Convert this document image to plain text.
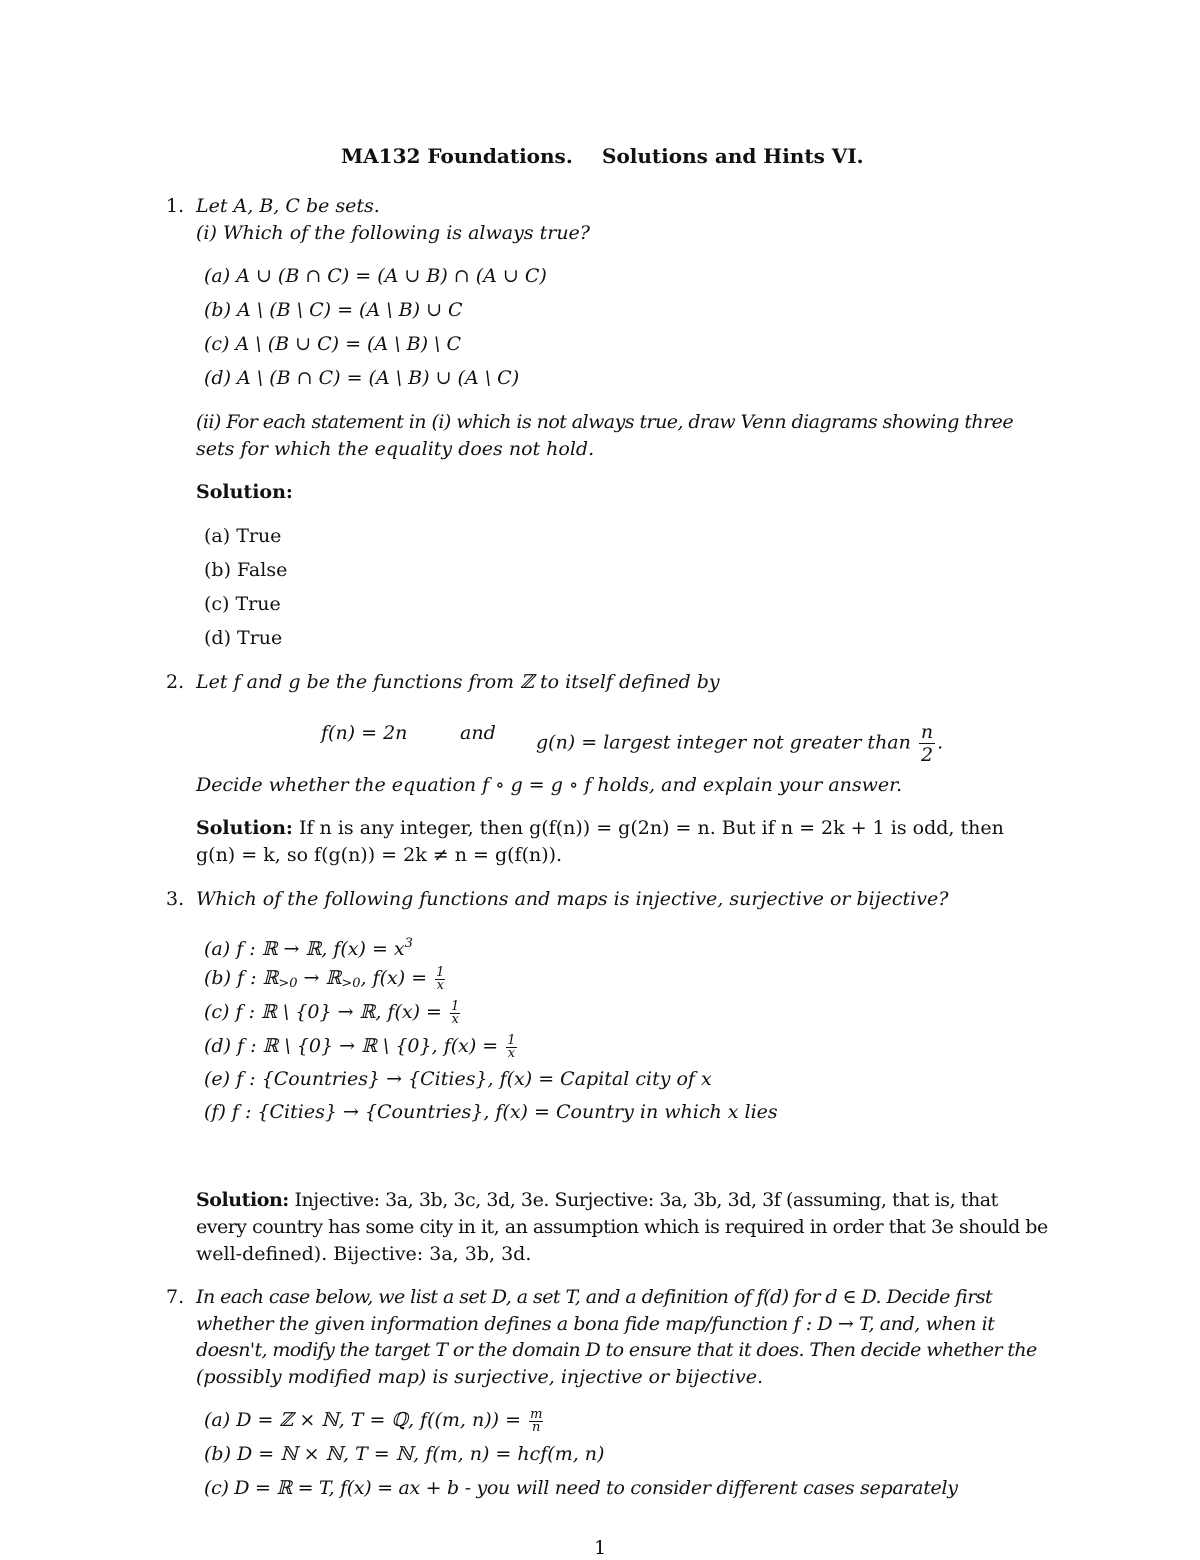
MA132 Foundations. Solutions and Hints VI.
1. Let A, B, C be sets.
(i) Which of the following is always true?
(a) A ∪ (B ∩ C) = (A ∪ B) ∩ (A ∪ C)
(b) A \ (B \ C) = (A \ B) ∪ C
(c) A \ (B ∪ C) = (A \ B) \ C
(d) A \ (B ∩ C) = (A \ B) ∪ (A \ C)
(ii) For each statement in (i) which is not always true, draw Venn diagrams showing three
sets for which the equality does not hold.
Solution:
(a) True
(b) False
(c) True
(d) True
2. Let f and g be the functions from ℤ to itself defined by
f(n) = 2n	and g(n) = largest integer not greater than $\frac{n}{2}$ .
Decide whether the equation f ∘ g = g ∘ f holds, and explain your answer.
Solution: If n is any integer, then g(f(n)) = g(2n) = n. But if n = 2k + 1 is odd, then
g(n) = k, so f(g(n)) = 2k ≠ n = g(f(n)).
3. Which of the following functions and maps is injective, surjective or bijective?
(a) f : ℝ → ℝ, $f(x) = x^3$
(b) f : ℝ$_{>0}$ → ℝ$_{>0}$, $f(x) = \frac{1}{x}$
(c) f : ℝ \ {0} → ℝ, $f(x) = \frac{1}{x}$
(d) f : ℝ \ {0} → ℝ \ {0}, $f(x) = \frac{1}{x}$
(e) f : {Countries} → {Cities}, f(x) = Capital city of x
(f) f : {Cities} → {Countries}, f(x) = Country in which x lies
Solution: Injective: 3a, 3b, 3c, 3d, 3e. Surjective: 3a, 3b, 3d, 3f (assuming, that is, that
every country has some city in it, an assumption which is required in order that 3e should be
well-defined). Bijective: 3a, 3b, 3d.
7. In each case below, we list a set D, a set T, and a definition of f(d) for d ∈ D. Decide first
whether the given information defines a bona fide map/function f : D → T, and, when it
doesn't, modify the target T or the domain D to ensure that it does. Then decide whether the
(possibly modified map) is surjective, injective or bijective.
(a) D = ℤ × ℕ, T = ℚ, f((m, $n)) = \frac{m}{n}$
(b) D = ℕ × ℕ, T = ℕ, f(m, n) = hcf(m, n)
(c) D = ℝ = T, f(x) = ax + b - you will need to consider different cases separately
1
